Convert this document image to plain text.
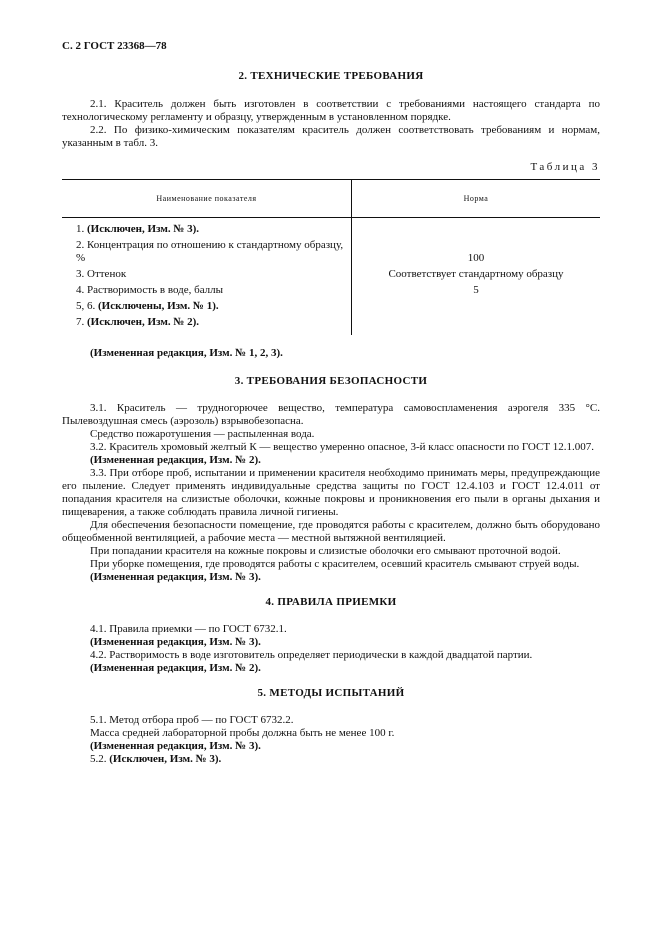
С. 2 ГОСТ 23368—78
2. ТЕХНИЧЕСКИЕ ТРЕБОВАНИЯ

2.1. Краситель должен быть изготовлен в соответствии с требованиями настоящего стандарта по технологическому регламенту и образцу, утвержденным в установленном порядке.

2.2. По физико-химическим показателям краситель должен соответствовать требованиям и нормам, указанным в табл. 3.

Таблица 3
Наименование показателя	Норма
1. (Исключен, Изм. № 3).	
2. Концентрация по отношению к стандартному образцу, %	100
3. Оттенок	Соответствует стандартному образцу
4. Растворимость в воде, баллы	5
5, 6. (Исключены, Изм. № 1).	
7. (Исключен, Изм. № 2).	

(Измененная редакция, Изм. № 1, 2, 3).

3. ТРЕБОВАНИЯ БЕЗОПАСНОСТИ

3.1. Краситель — трудногорючее вещество, температура самовоспламенения аэрогеля 335 °С. Пылевоздушная смесь (аэрозоль) взрывобезопасна.

Средство пожаротушения — распыленная вода.

3.2. Краситель хромовый желтый К — вещество умеренно опасное, 3-й класс опасности по ГОСТ 12.1.007.

(Измененная редакция, Изм. № 2).

3.3. При отборе проб, испытании и применении красителя необходимо принимать меры, предупреждающие его пыление. Следует применять индивидуальные средства защиты по ГОСТ 12.4.103 и ГОСТ 12.4.011 от попадания красителя на слизистые оболочки, кожные покровы и проникновения его пыли в органы дыхания и пищеварения, а также соблюдать правила личной гигиены.

Для обеспечения безопасности помещение, где проводятся работы с красителем, должно быть оборудовано общеобменной вентиляцией, а рабочие места — местной вытяжной вентиляцией.

При попадании красителя на кожные покровы и слизистые оболочки его смывают проточной водой.

При уборке помещения, где проводятся работы с красителем, осевший краситель смывают струей воды.

(Измененная редакция, Изм. № 3).

4. ПРАВИЛА ПРИЕМКИ

4.1. Правила приемки — по ГОСТ 6732.1.

(Измененная редакция, Изм. № 3).

4.2. Растворимость в воде изготовитель определяет периодически в каждой двадцатой партии.

(Измененная редакция, Изм. № 2).

5. МЕТОДЫ ИСПЫТАНИЙ

5.1. Метод отбора проб — по ГОСТ 6732.2.

Масса средней лабораторной пробы должна быть не менее 100 г.

(Измененная редакция, Изм. № 3).

5.2. (Исключен, Изм. № 3).
